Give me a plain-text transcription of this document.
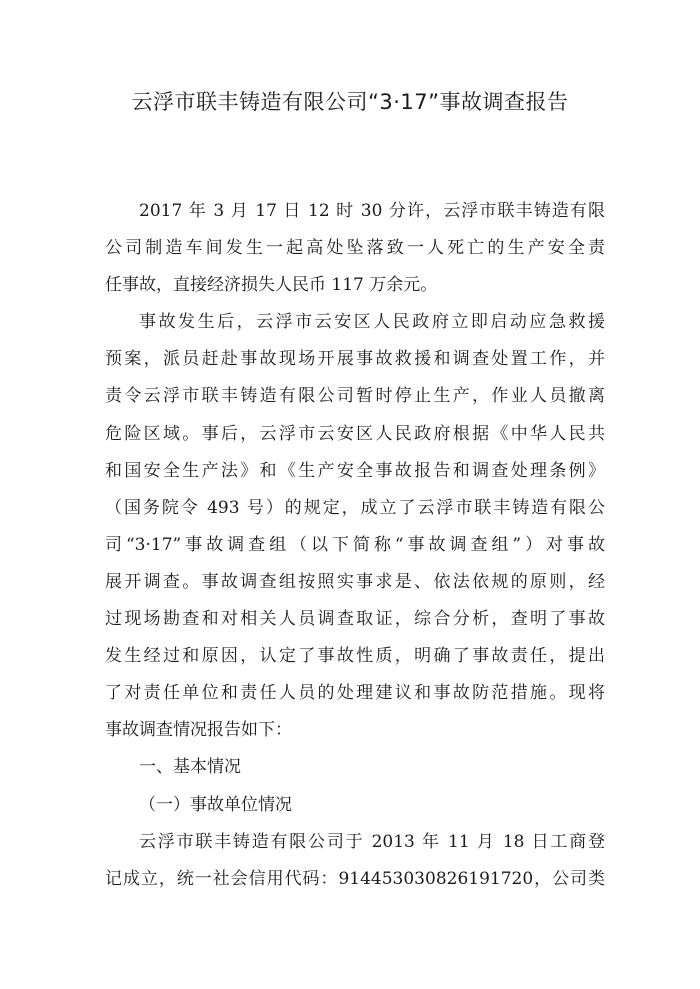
云浮市联丰铸造有限公司“3·17”事故调查报告
2017 年 3 月 17 日 12 时 30 分许，云浮市联丰铸造有限
公司制造车间发生一起高处坠落致一人死亡的生产安全责
任事故，直接经济损失人民币 117 万余元。
事故发生后，云浮市云安区人民政府立即启动应急救援
预案，派员赶赴事故现场开展事故救援和调查处置工作，并
责令云浮市联丰铸造有限公司暂时停止生产，作业人员撤离
危险区域。事后，云浮市云安区人民政府根据《中华人民共
和国安全生产法》和《生产安全事故报告和调查处理条例》
（国务院令 493 号）的规定，成立了云浮市联丰铸造有限公
司“3·17”事故调查组（以下简称“事故调查组”）对事故
展开调查。事故调查组按照实事求是、依法依规的原则，经
过现场勘查和对相关人员调查取证，综合分析，查明了事故
发生经过和原因，认定了事故性质，明确了事故责任，提出
了对责任单位和责任人员的处理建议和事故防范措施。现将
事故调查情况报告如下：
一、基本情况
（一）事故单位情况
云浮市联丰铸造有限公司于 2013 年 11 月 18 日工商登
记成立，统一社会信用代码：914453030826191720，公司类
